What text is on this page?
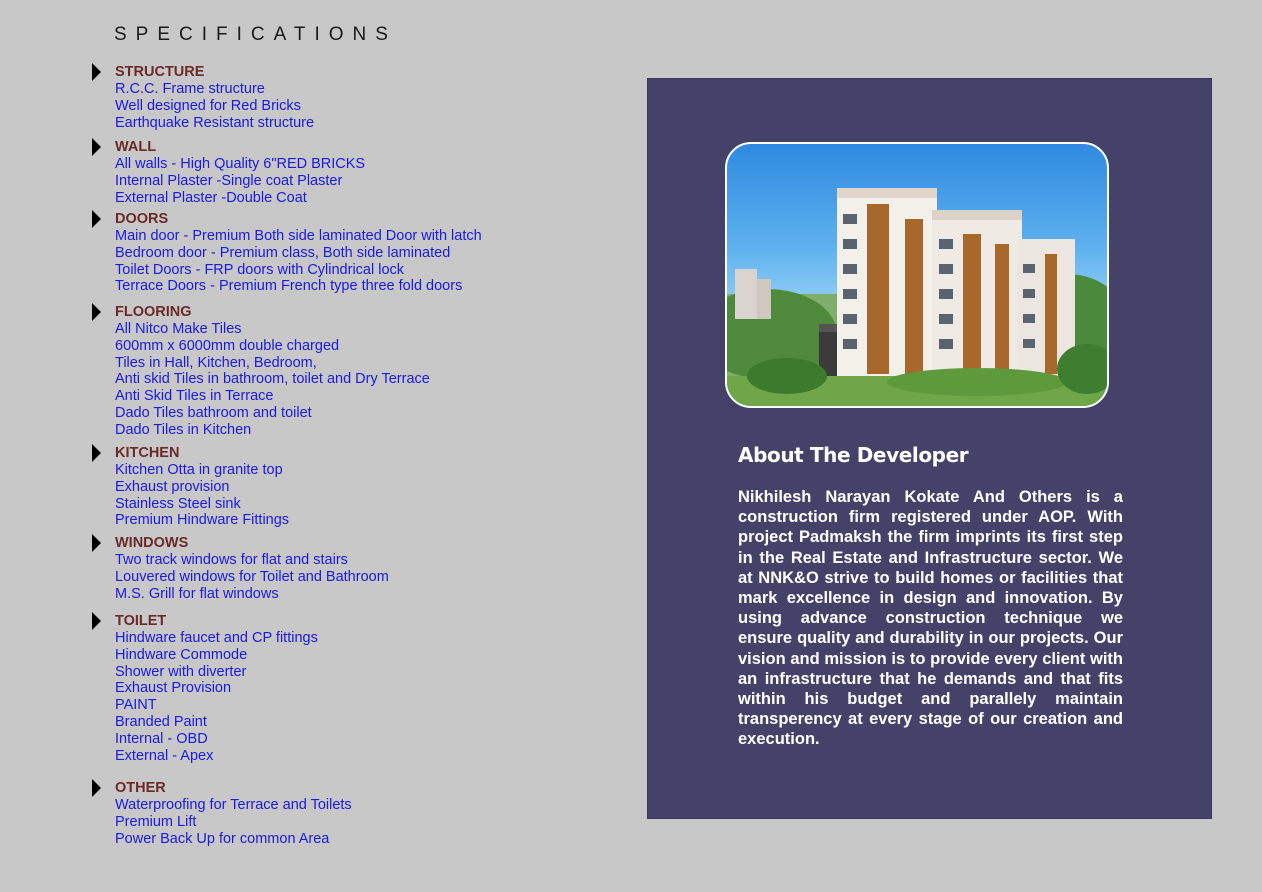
SPECIFICATIONS
STRUCTURE
R.C.C. Frame structure
Well designed for Red Bricks
Earthquake Resistant structure
WALL
All walls - High Quality 6"RED BRICKS
Internal Plaster -Single coat Plaster
External Plaster -Double Coat
DOORS
Main door - Premium Both side laminated Door with latch
Bedroom door - Premium class, Both side laminated
Toilet Doors - FRP doors with Cylindrical lock
Terrace Doors - Premium French type three fold doors
FLOORING
All Nitco Make Tiles
600mm x 6000mm double charged
Tiles in Hall, Kitchen, Bedroom,
Anti skid Tiles in bathroom, toilet and Dry Terrace
Anti Skid Tiles in Terrace
Dado Tiles bathroom and toilet
Dado Tiles in Kitchen
KITCHEN
Kitchen Otta in granite top
Exhaust provision
Stainless Steel sink
Premium Hindware Fittings
WINDOWS
Two track windows for flat and stairs
Louvered windows for Toilet and Bathroom
M.S. Grill for flat windows
TOILET
Hindware faucet and CP fittings
Hindware Commode
Shower with diverter
Exhaust Provision
PAINT
Branded Paint
Internal - OBD
External - Apex
OTHER
Waterproofing for Terrace and Toilets
Premium Lift
Power Back Up for common Area
About The Developer
Nikhilesh Narayan Kokate And Others is a construction firm registered under AOP. With project Padmaksh the firm imprints its first step in the Real Estate and Infrastructure sector. We at NNK&O strive to build homes or facilities that mark excellence in design and innovation. By using advance construction technique we ensure quality and durability in our projects. Our vision and mission is to provide every client with an infrastructure that he demands and that fits within his budget and parallely maintain transperency at every stage of our creation and execution.
